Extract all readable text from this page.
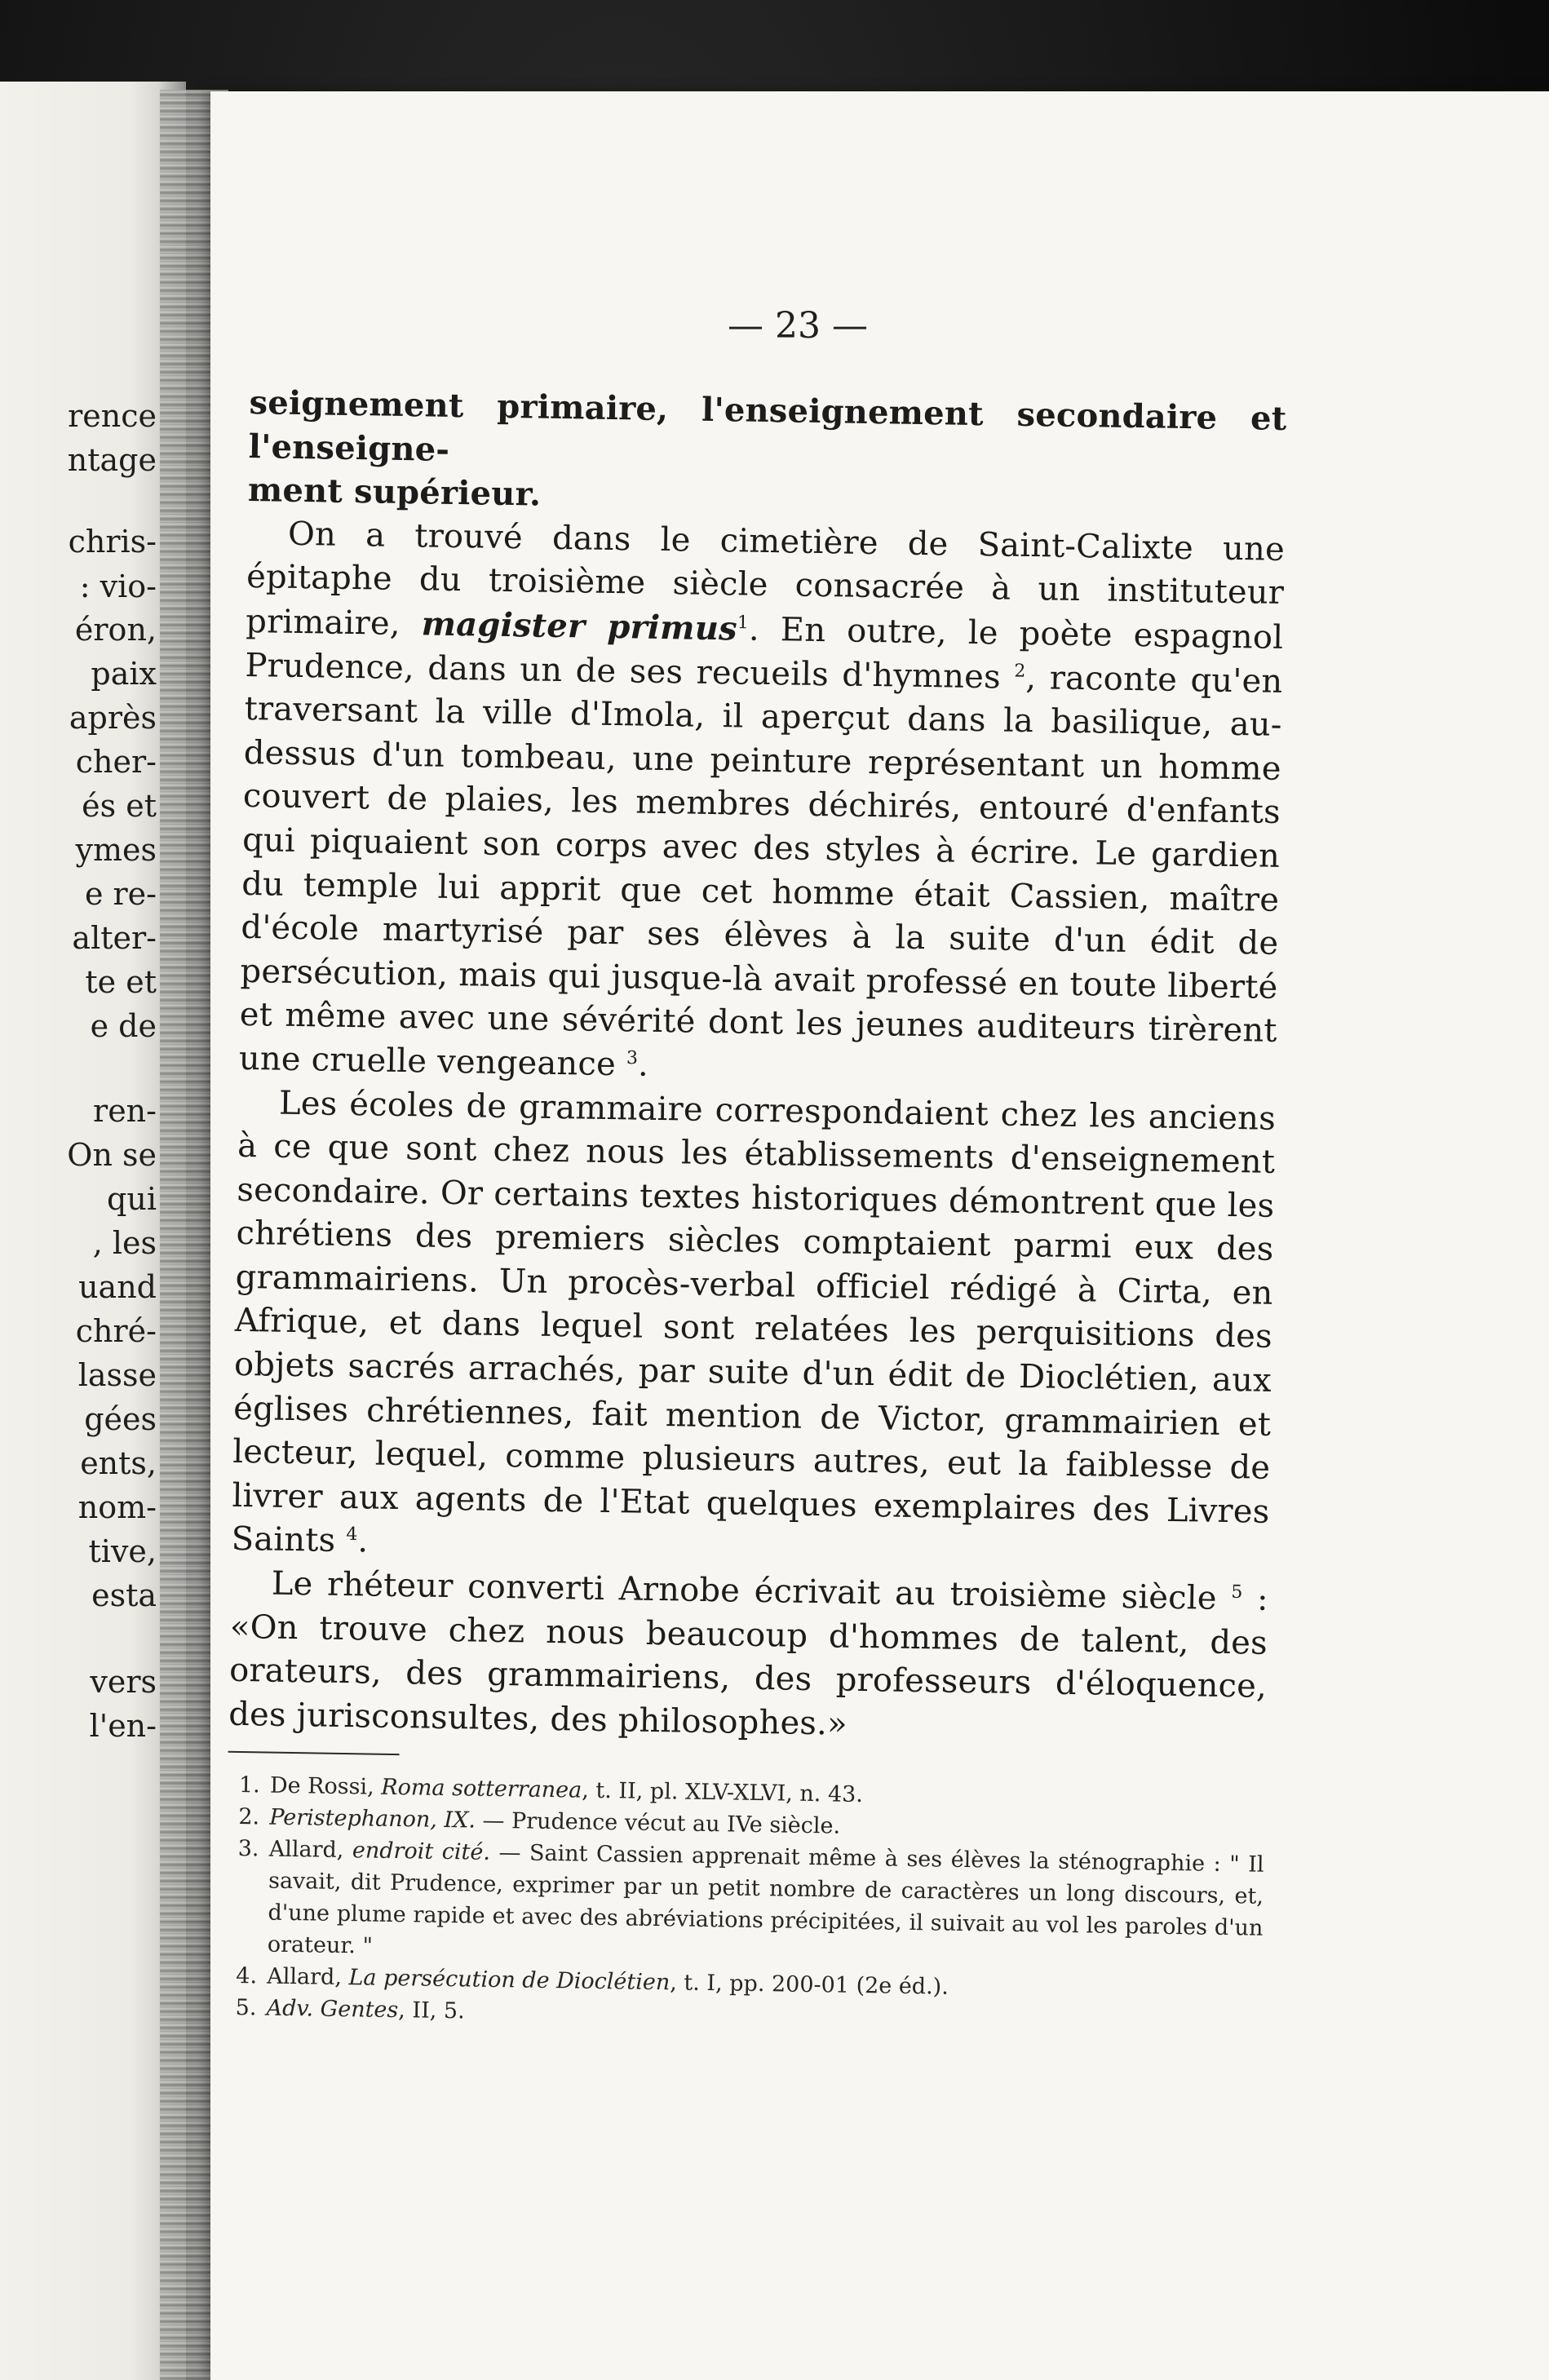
rence

ntage

chris-

: vio-

éron,

paix

après

cher-

és et

ymes

e re-

alter-

te et

e de

ren-

On se

qui

, les

uand

chré-

lasse

gées

ents,

nom-

tive,

esta

vers

l'en-

— 23 —

seignement primaire, l'enseignement secondaire et l'enseigne-
ment supérieur.

On a trouvé dans le cimetière de Saint-Calixte une épitaphe du troisième siècle consacrée à un instituteur primaire, magister primus$^1$. En outre, le poète espagnol Prudence, dans un de ses recueils d'hymnes $^2$, raconte qu'en traversant la ville d'Imola, il aperçut dans la basilique, au-dessus d'un tombeau, une peinture représentant un homme couvert de plaies, les membres déchirés, entouré d'enfants qui piquaient son corps avec des styles à écrire. Le gardien du temple lui apprit que cet homme était Cassien, maître d'école martyrisé par ses élèves à la suite d'un édit de persécution, mais qui jusque-là avait professé en toute liberté et même avec une sévérité dont les jeunes auditeurs tirèrent une cruelle vengeance $^3$.

Les écoles de grammaire correspondaient chez les anciens à ce que sont chez nous les établissements d'enseignement secondaire. Or certains textes historiques démontrent que les chrétiens des premiers siècles comptaient parmi eux des grammairiens. Un procès-verbal officiel rédigé à Cirta, en Afrique, et dans lequel sont relatées les perquisitions des objets sacrés arrachés, par suite d'un édit de Dioclétien, aux églises chrétiennes, fait mention de Victor, grammairien et lecteur, lequel, comme plusieurs autres, eut la faiblesse de livrer aux agents de l'Etat quelques exemplaires des Livres Saints $^4$.

Le rhéteur converti Arnobe écrivait au troisième siècle $^5$ : «On trouve chez nous beaucoup d'hommes de talent, des orateurs, des grammairiens, des professeurs d'éloquence, des jurisconsultes, des philosophes.»

1. De Rossi, Roma sotterranea, t. II, pl. XLV-XLVI, n. 43.

2. Peristephanon, IX. — Prudence vécut au IVe siècle.

3. Allard, endroit cité. — Saint Cassien apprenait même à ses élèves la sténographie : " Il savait, dit Prudence, exprimer par un petit nombre de caractères un long discours, et, d'une plume rapide et avec des abréviations précipitées, il suivait au vol les paroles d'un orateur. "

4. Allard, La persécution de Dioclétien, t. I, pp. 200-01 (2e éd.).

5. Adv. Gentes, II, 5.
